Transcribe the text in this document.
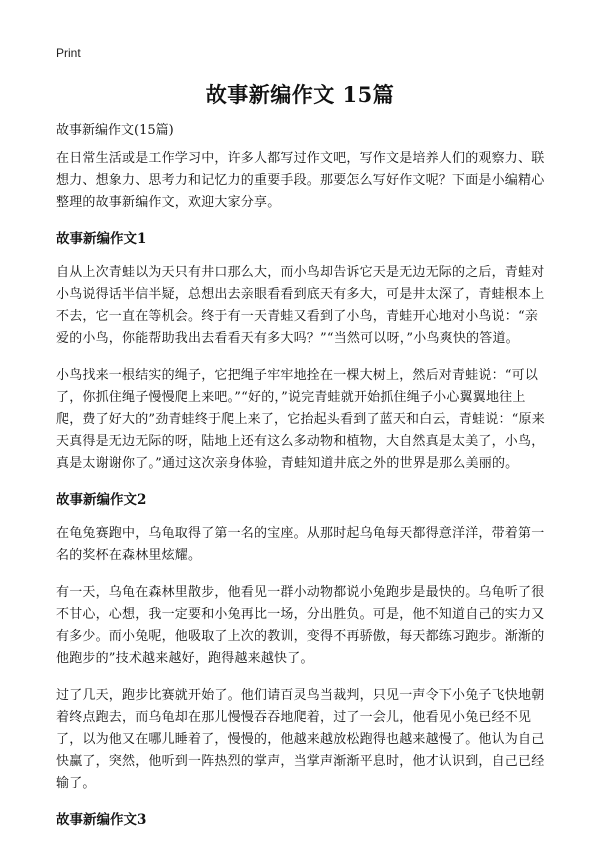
Print
故事新编作文 15篇
故事新编作文(15篇)

在日常生活或是工作学习中，许多人都写过作文吧，写作文是培养人们的观察力、联想力、想象力、思考力和记忆力的重要手段。那要怎么写好作文呢？下面是小编精心整理的故事新编作文，欢迎大家分享。

故事新编作文1

自从上次青蛙以为天只有井口那么大，而小鸟却告诉它天是无边无际的之后，青蛙对小鸟说得话半信半疑，总想出去亲眼看看到底天有多大，可是井太深了，青蛙根本上不去，它一直在等机会。终于有一天青蛙又看到了小鸟，青蛙开心地对小鸟说：“亲爱的小鸟，你能帮助我出去看看天有多大吗？”“当然可以呀，”小鸟爽快的答道。

小鸟找来一根结实的绳子，它把绳子牢牢地拴在一棵大树上，然后对青蛙说：“可以了，你抓住绳子慢慢爬上来吧。”“好的，”说完青蛙就开始抓住绳子小心翼翼地往上爬，费了好大的”劲青蛙终于爬上来了，它抬起头看到了蓝天和白云，青蛙说：“原来天真得是无边无际的呀，陆地上还有这么多动物和植物，大自然真是太美了，小鸟，真是太谢谢你了。”通过这次亲身体验，青蛙知道井底之外的世界是那么美丽的。

故事新编作文2

在龟兔赛跑中，乌龟取得了第一名的宝座。从那时起乌龟每天都得意洋洋，带着第一名的奖杯在森林里炫耀。

有一天，乌龟在森林里散步，他看见一群小动物都说小兔跑步是最快的。乌龟听了很不甘心，心想，我一定要和小兔再比一场，分出胜负。可是，他不知道自己的实力又有多少。而小兔呢，他吸取了上次的教训，变得不再骄傲，每天都练习跑步。渐渐的他跑步的”技术越来越好，跑得越来越快了。

过了几天，跑步比赛就开始了。他们请百灵鸟当裁判，只见一声令下小兔子飞快地朝着终点跑去，而乌龟却在那儿慢慢吞吞地爬着，过了一会儿，他看见小兔已经不见了，以为他又在哪儿睡着了，慢慢的，他越来越放松跑得也越来越慢了。他认为自己快赢了，突然，他听到一阵热烈的掌声，当掌声渐渐平息时，他才认识到，自己已经输了。

故事新编作文3
